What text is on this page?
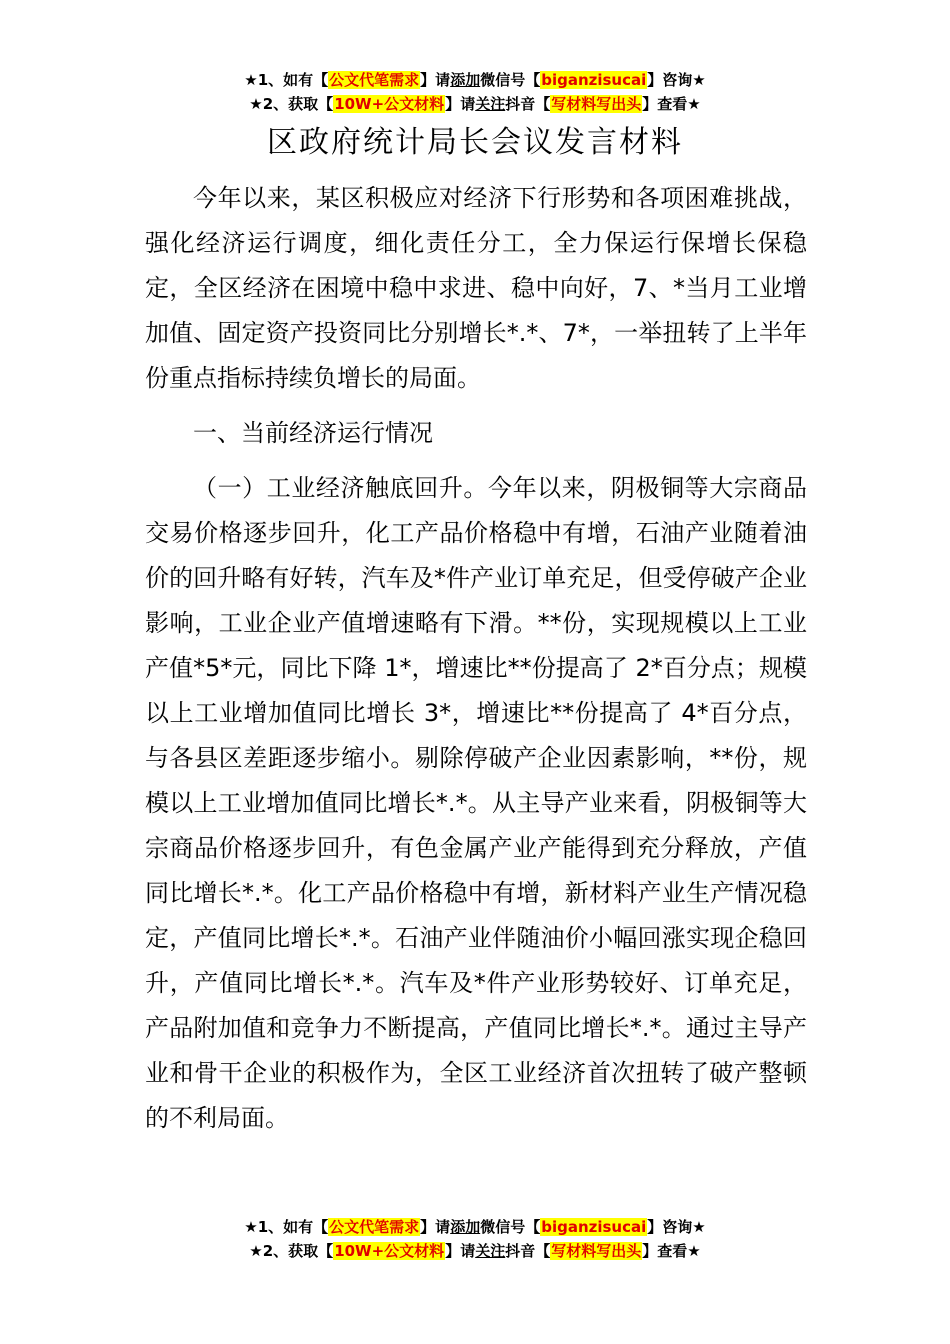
★1、如有【公文代笔需求】请添加微信号【biganzisucai】咨询★
★2、获取【10W+公文材料】请关注抖音【写材料写出头】查看★
区政府统计局长会议发言材料

今年以来，某区积极应对经济下行形势和各项困难挑战，强化经济运行调度，细化责任分工，全力保运行保增长保稳定，全区经济在困境中稳中求进、稳中向好，7、*当月工业增加值、固定资产投资同比分别增长*.*、7*，一举扭转了上半年份重点指标持续负增长的局面。

一、当前经济运行情况

（一）工业经济触底回升。今年以来，阴极铜等大宗商品交易价格逐步回升，化工产品价格稳中有增，石油产业随着油价的回升略有好转，汽车及*件产业订单充足，但受停破产企业影响，工业企业产值增速略有下滑。**份，实现规模以上工业产值*5*元，同比下降 1*，增速比**份提高了 2*百分点；规模以上工业增加值同比增长 3*，增速比**份提高了 4*百分点，与各县区差距逐步缩小。剔除停破产企业因素影响，**份，规模以上工业增加值同比增长*.*。从主导产业来看，阴极铜等大宗商品价格逐步回升，有色金属产业产能得到充分释放，产值同比增长*.*。化工产品价格稳中有增，新材料产业生产情况稳定，产值同比增长*.*。石油产业伴随油价小幅回涨实现企稳回升，产值同比增长*.*。汽车及*件产业形势较好、订单充足，产品附加值和竞争力不断提高，产值同比增长*.*。通过主导产业和骨干企业的积极作为，全区工业经济首次扭转了破产整顿的不利局面。

★1、如有【公文代笔需求】请添加微信号【biganzisucai】咨询★
★2、获取【10W+公文材料】请关注抖音【写材料写出头】查看★
